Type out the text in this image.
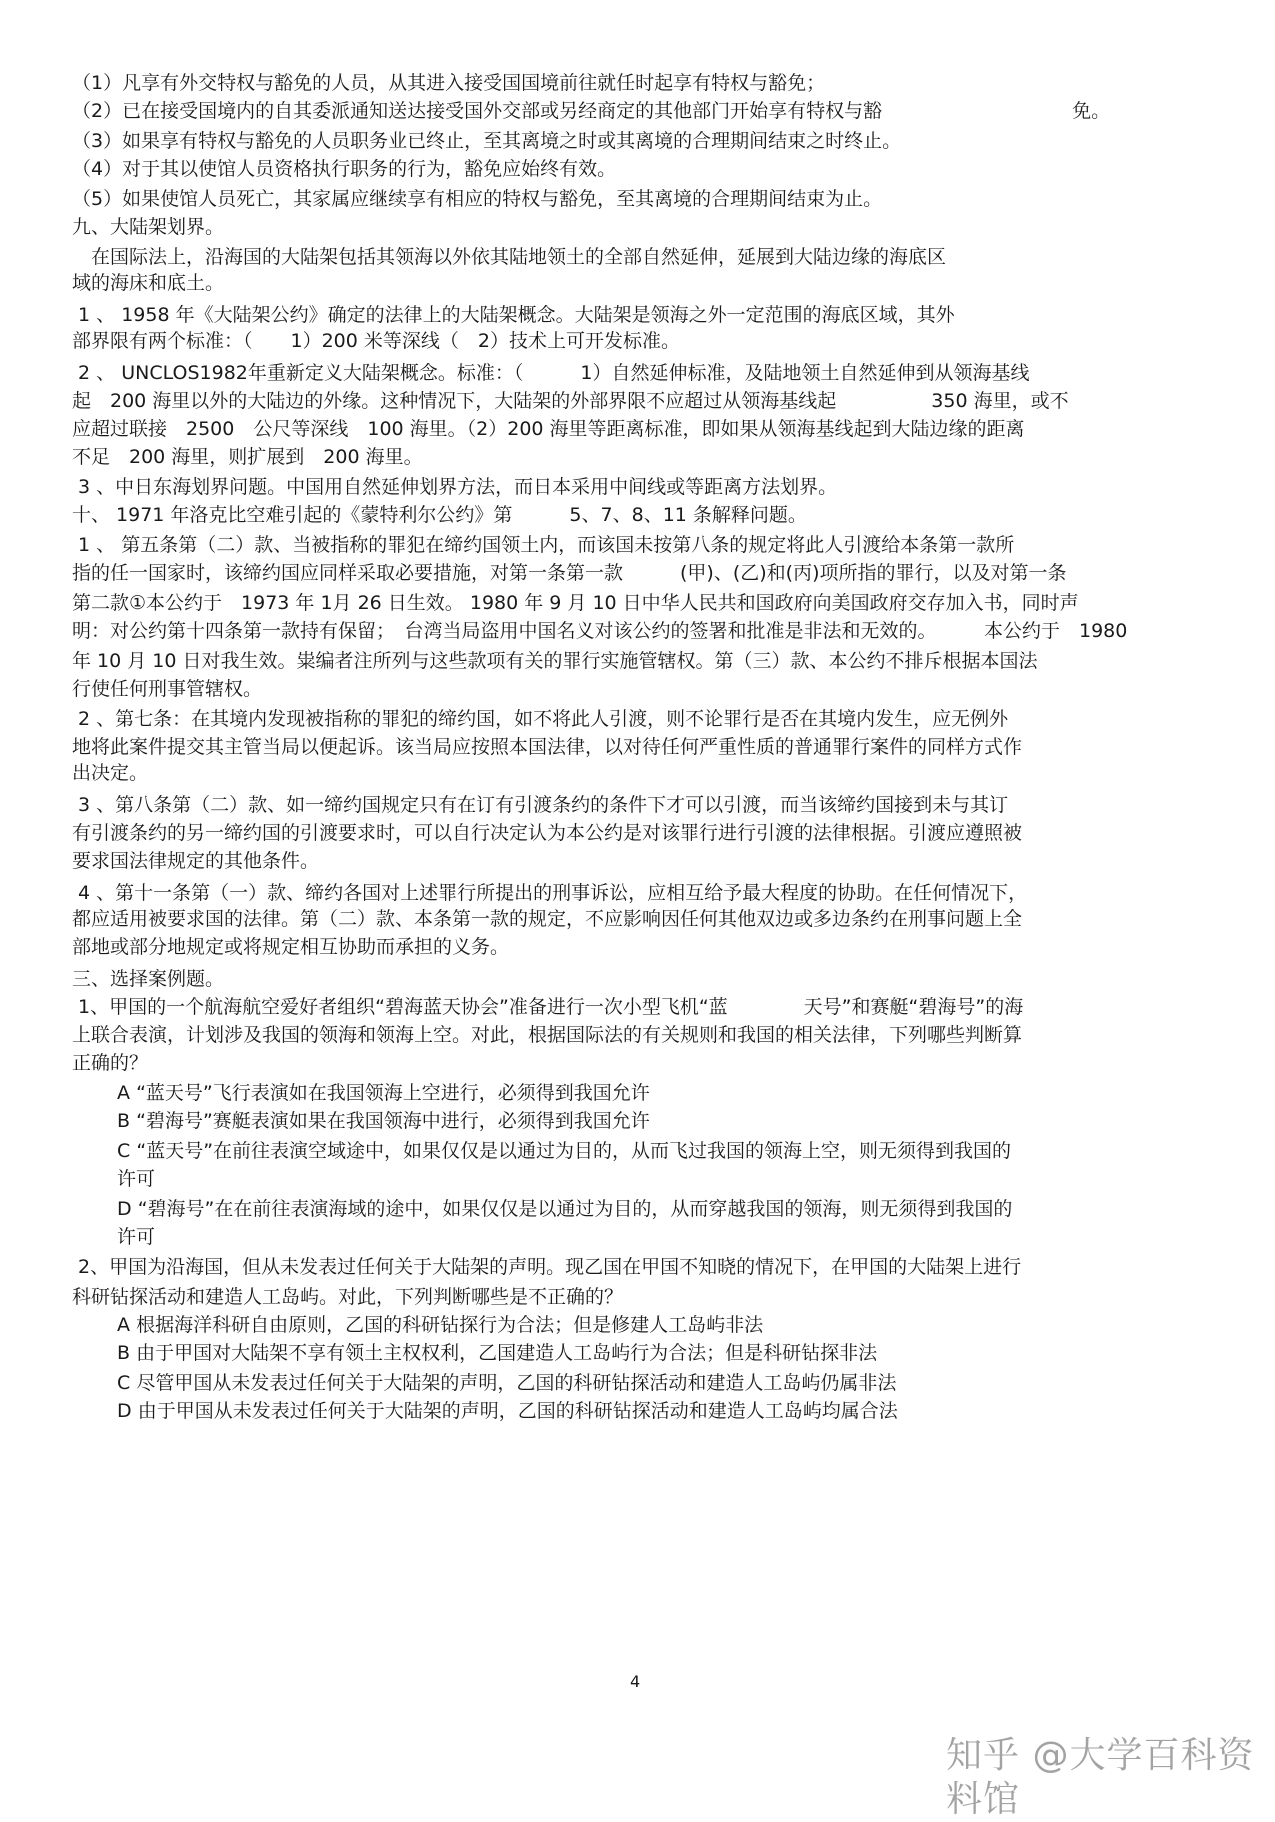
（1）凡享有外交特权与豁免的人员，从其进入接受国国境前往就任时起享有特权与豁免；
（2）已在接受国境内的自其委派通知送达接受国外交部或另经商定的其他部门开始享有特权与豁　　　　　　　　　　免。
（3）如果享有特权与豁免的人员职务业已终止，至其离境之时或其离境的合理期间结束之时终止。
（4）对于其以使馆人员资格执行职务的行为，豁免应始终有效。
（5）如果使馆人员死亡，其家属应继续享有相应的特权与豁免，至其离境的合理期间结束为止。
九、大陆架划界。
　在国际法上，沿海国的大陆架包括其领海以外依其陆地领土的全部自然延伸，延展到大陆边缘的海底区
域的海床和底土。
1 、 1958 年《大陆架公约》确定的法律上的大陆架概念。大陆架是领海之外一定范围的海底区域，其外
部界限有两个标准：（　　1）200 米等深线（　2）技术上可开发标准。
2 、 UNCLOS1982年重新定义大陆架概念。标准：（　　　1）自然延伸标准，及陆地领土自然延伸到从领海基线
起　200 海里以外的大陆边的外缘。这种情况下，大陆架的外部界限不应超过从领海基线起　　　　　350 海里，或不
应超过联接　2500　公尺等深线　100 海里。（2）200 海里等距离标准，即如果从领海基线起到大陆边缘的距离
不足　200 海里，则扩展到　200 海里。
3 、中日东海划界问题。中国用自然延伸划界方法，而日本采用中间线或等距离方法划界。
十、 1971 年洛克比空难引起的《蒙特利尔公约》第　　　5、7、8、11 条解释问题。
1 、 第五条第（二）款、当被指称的罪犯在缔约国领土内，而该国未按第八条的规定将此人引渡给本条第一款所
指的任一国家时，该缔约国应同样采取必要措施，对第一条第一款　　　(甲)、(乙)和(丙)项所指的罪行，以及对第一条
第二款①本公约于　1973 年 1月 26 日生效。 1980 年 9 月 10 日中华人民共和国政府向美国政府交存加入书，同时声
明：对公约第十四条第一款持有保留；　台湾当局盗用中国名义对该公约的签署和批准是非法和无效的。　　　本公约于　1980
年 10 月 10 日对我生效。粜编者注所列与这些款项有关的罪行实施管辖权。第（三）款、本公约不排斥根据本国法
行使任何刑事管辖权。
2 、第七条：在其境内发现被指称的罪犯的缔约国，如不将此人引渡，则不论罪行是否在其境内发生，应无例外
地将此案件提交其主管当局以便起诉。该当局应按照本国法律，以对待任何严重性质的普通罪行案件的同样方式作
出决定。
3 、第八条第（二）款、如一缔约国规定只有在订有引渡条约的条件下才可以引渡，而当该缔约国接到未与其订
有引渡条约的另一缔约国的引渡要求时，可以自行决定认为本公约是对该罪行进行引渡的法律根据。引渡应遵照被
要求国法律规定的其他条件。
4 、第十一条第（一）款、缔约各国对上述罪行所提出的刑事诉讼，应相互给予最大程度的协助。在任何情况下，
都应适用被要求国的法律。第（二）款、本条第一款的规定，不应影响因任何其他双边或多边条约在刑事问题上全
部地或部分地规定或将规定相互协助而承担的义务。
三、选择案例题。
1、甲国的一个航海航空爱好者组织“碧海蓝天协会”准备进行一次小型飞机“蓝　　　　天号”和赛艇“碧海号”的海
上联合表演，计划涉及我国的领海和领海上空。对此，根据国际法的有关规则和我国的相关法律，下列哪些判断算
正确的？
　 A “蓝天号”飞行表演如在我国领海上空进行，必须得到我国允许
　 B “碧海号”赛艇表演如果在我国领海中进行，必须得到我国允许
　 C “蓝天号”在前往表演空域途中，如果仅仅是以通过为目的，从而飞过我国的领海上空，则无须得到我国的
　 许可
　 D “碧海号”在在前往表演海域的途中，如果仅仅是以通过为目的，从而穿越我国的领海，则无须得到我国的
　 许可
2、甲国为沿海国，但从未发表过任何关于大陆架的声明。现乙国在甲国不知晓的情况下，在甲国的大陆架上进行
科研钻探活动和建造人工岛屿。对此，下列判断哪些是不正确的？
　 A 根据海洋科研自由原则，乙国的科研钻探行为合法；但是修建人工岛屿非法
　 B 由于甲国对大陆架不享有领土主权权利，乙国建造人工岛屿行为合法；但是科研钻探非法
　 C 尽管甲国从未发表过任何关于大陆架的声明，乙国的科研钻探活动和建造人工岛屿仍属非法
　 D 由于甲国从未发表过任何关于大陆架的声明，乙国的科研钻探活动和建造人工岛屿均属合法
4
知乎 @大学百科资料馆
